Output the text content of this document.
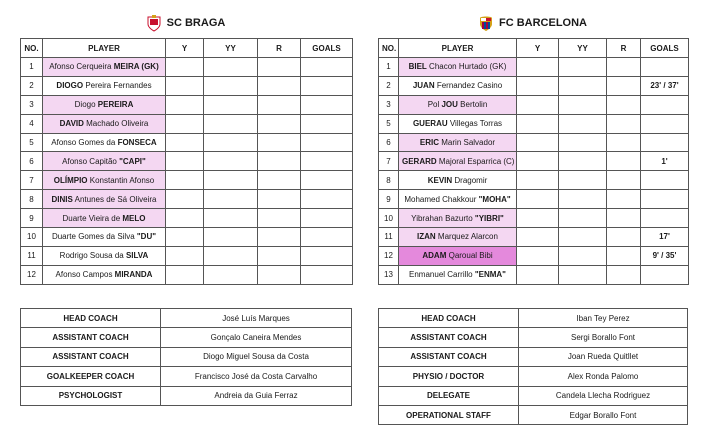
SC BRAGA
NO.	PLAYER	Y	YY	R	GOALS
1	Afonso Cerqueira MEIRA (GK)				
2	DIOGO Pereira Fernandes				
3	Diogo PEREIRA				
4	DAVID Machado Oliveira				
5	Afonso Gomes da FONSECA				
6	Afonso Capitão "CAPI"				
7	OLÍMPIO Konstantin Afonso				
8	DINIS Antunes de Sá Oliveira				
9	Duarte Vieira de MELO				
10	Duarte Gomes da Silva "DU"				
11	Rodrigo Sousa da SILVA				
12	Afonso Campos MIRANDA				
FC BARCELONA
NO.	PLAYER	Y	YY	R	GOALS
1	BIEL Chacon Hurtado (GK)				
2	JUAN Fernandez Casino				23' / 37'
3	Pol JOU Bertolin				
5	GUERAU Villegas Torras				
6	ERIC Marin Salvador				
7	GERARD Majoral Esparrica (C)				1'
8	KEVIN Dragomir				
9	Mohamed Chakkour "MOHA"				
10	Yibrahan Bazurto "YIBRI"				
11	IZAN Marquez Alarcon				17'
12	ADAM Qaroual Bibi				9' / 35'
13	Enmanuel Carrillo "ENMA"				
HEAD COACH	José Luís Marques
ASSISTANT COACH	Gonçalo Caneira Mendes
ASSISTANT COACH	Diogo Miguel Sousa da Costa
GOALKEEPER COACH	Francisco José da Costa Carvalho
PSYCHOLOGIST	Andreia da Guia Ferraz
HEAD COACH	Iban Tey Perez
ASSISTANT COACH	Sergi Borallo Font
ASSISTANT COACH	Joan Rueda Quitllet
PHYSIO / DOCTOR	Alex Ronda Palomo
DELEGATE	Candela Llecha Rodriguez
OPERATIONAL STAFF	Edgar Borallo Font
